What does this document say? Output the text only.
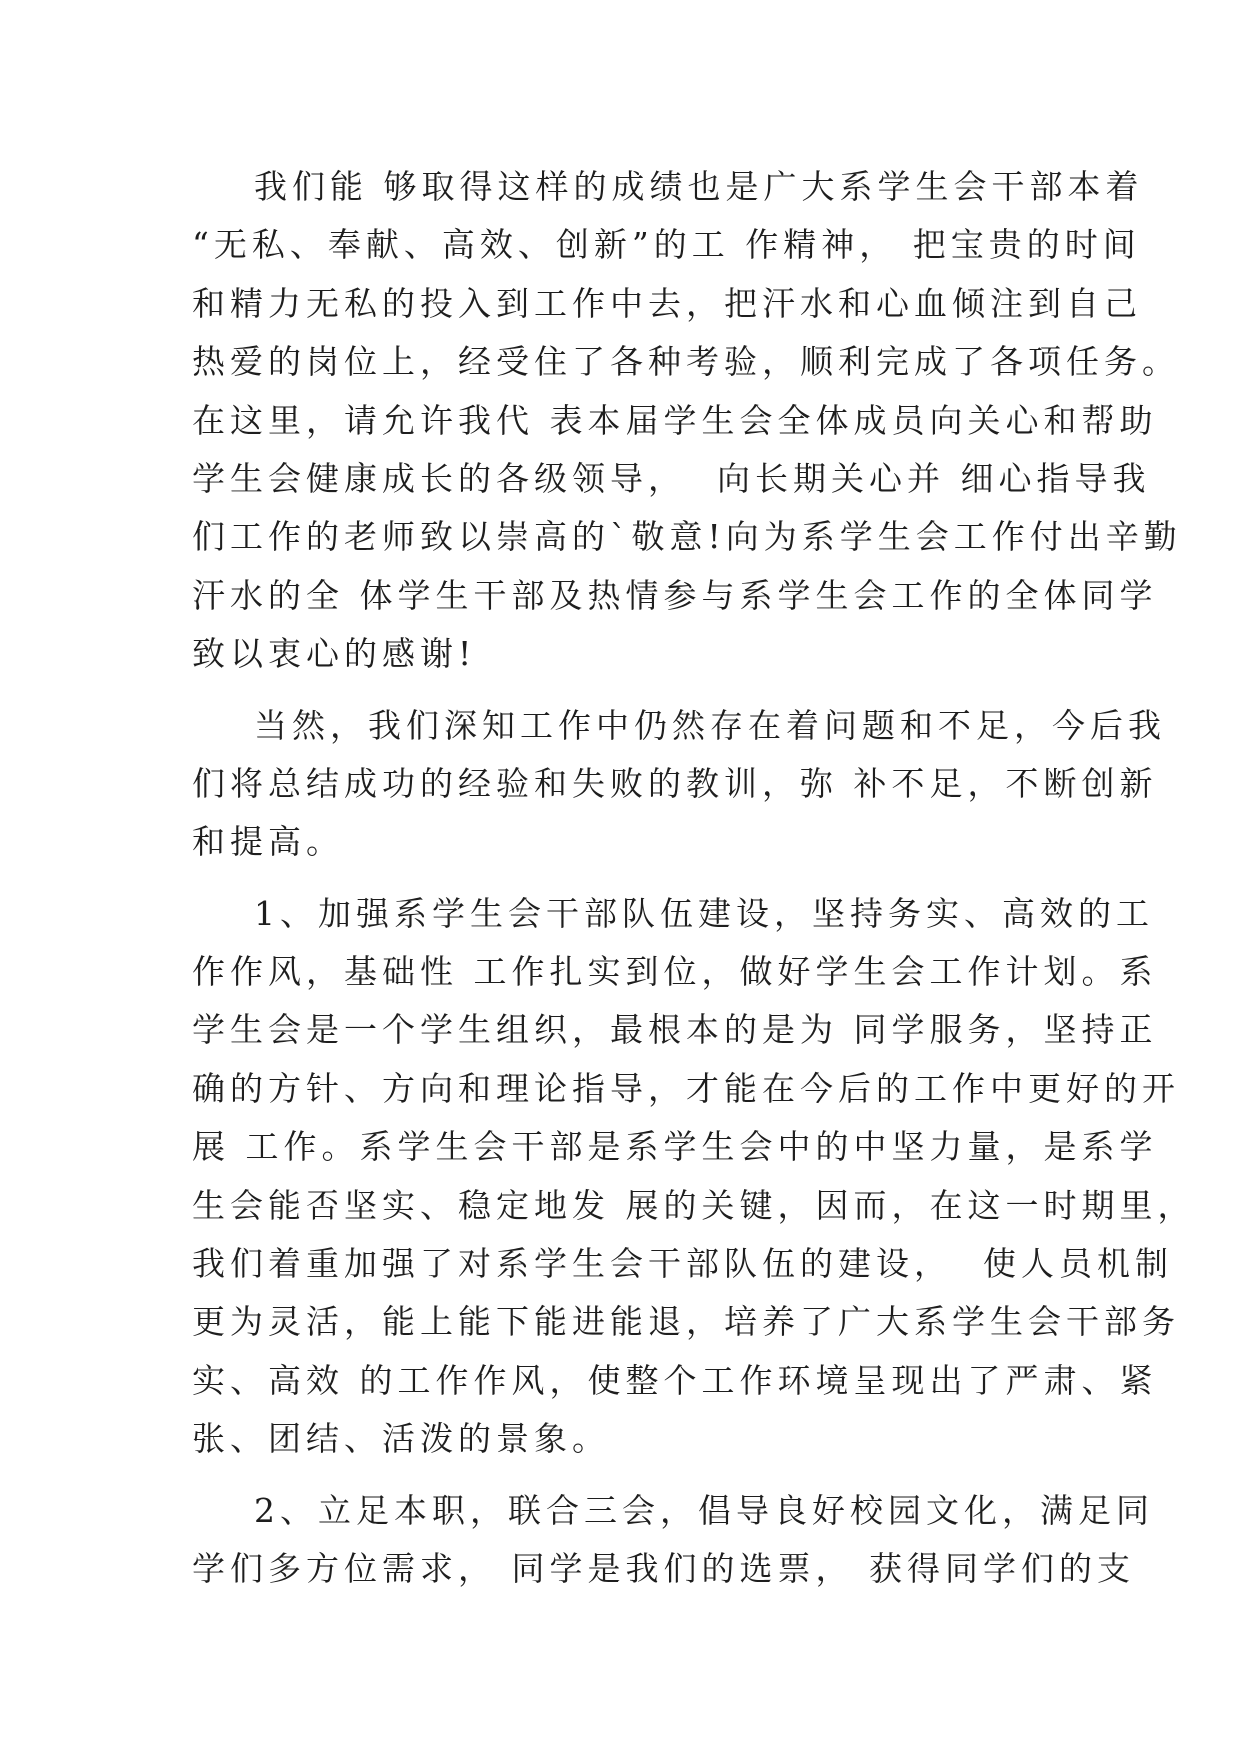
我们能 够取得这样的成绩也是广大系学生会干部本着
“无私、奉献、高效、创新”的工 作精神， 把宝贵的时间
和精力无私的投入到工作中去，把汗水和心血倾注到自己
热爱的岗位上，经受住了各种考验，顺利完成了各项任务。
在这里，请允许我代 表本届学生会全体成员向关心和帮助
学生会健康成长的各级领导，  向长期关心并 细心指导我
们工作的老师致以崇高的`敬意!向为系学生会工作付出辛勤
汗水的全 体学生干部及热情参与系学生会工作的全体同学
致以衷心的感谢!
当然，我们深知工作中仍然存在着问题和不足，今后我
们将总结成功的经验和失败的教训，弥 补不足，不断创新
和提高。
1、加强系学生会干部队伍建设，坚持务实、高效的工
作作风，基础性 工作扎实到位，做好学生会工作计划。系
学生会是一个学生组织，最根本的是为 同学服务，坚持正
确的方针、方向和理论指导，才能在今后的工作中更好的开
展 工作。系学生会干部是系学生会中的中坚力量，是系学
生会能否坚实、稳定地发 展的关键，因而，在这一时期里，
我们着重加强了对系学生会干部队伍的建设，  使人员机制
更为灵活，能上能下能进能退，培养了广大系学生会干部务
实、高效 的工作作风，使整个工作环境呈现出了严肃、紧
张、团结、活泼的景象。
2、立足本职，联合三会，倡导良好校园文化，满足同
学们多方位需求， 同学是我们的选票， 获得同学们的支
